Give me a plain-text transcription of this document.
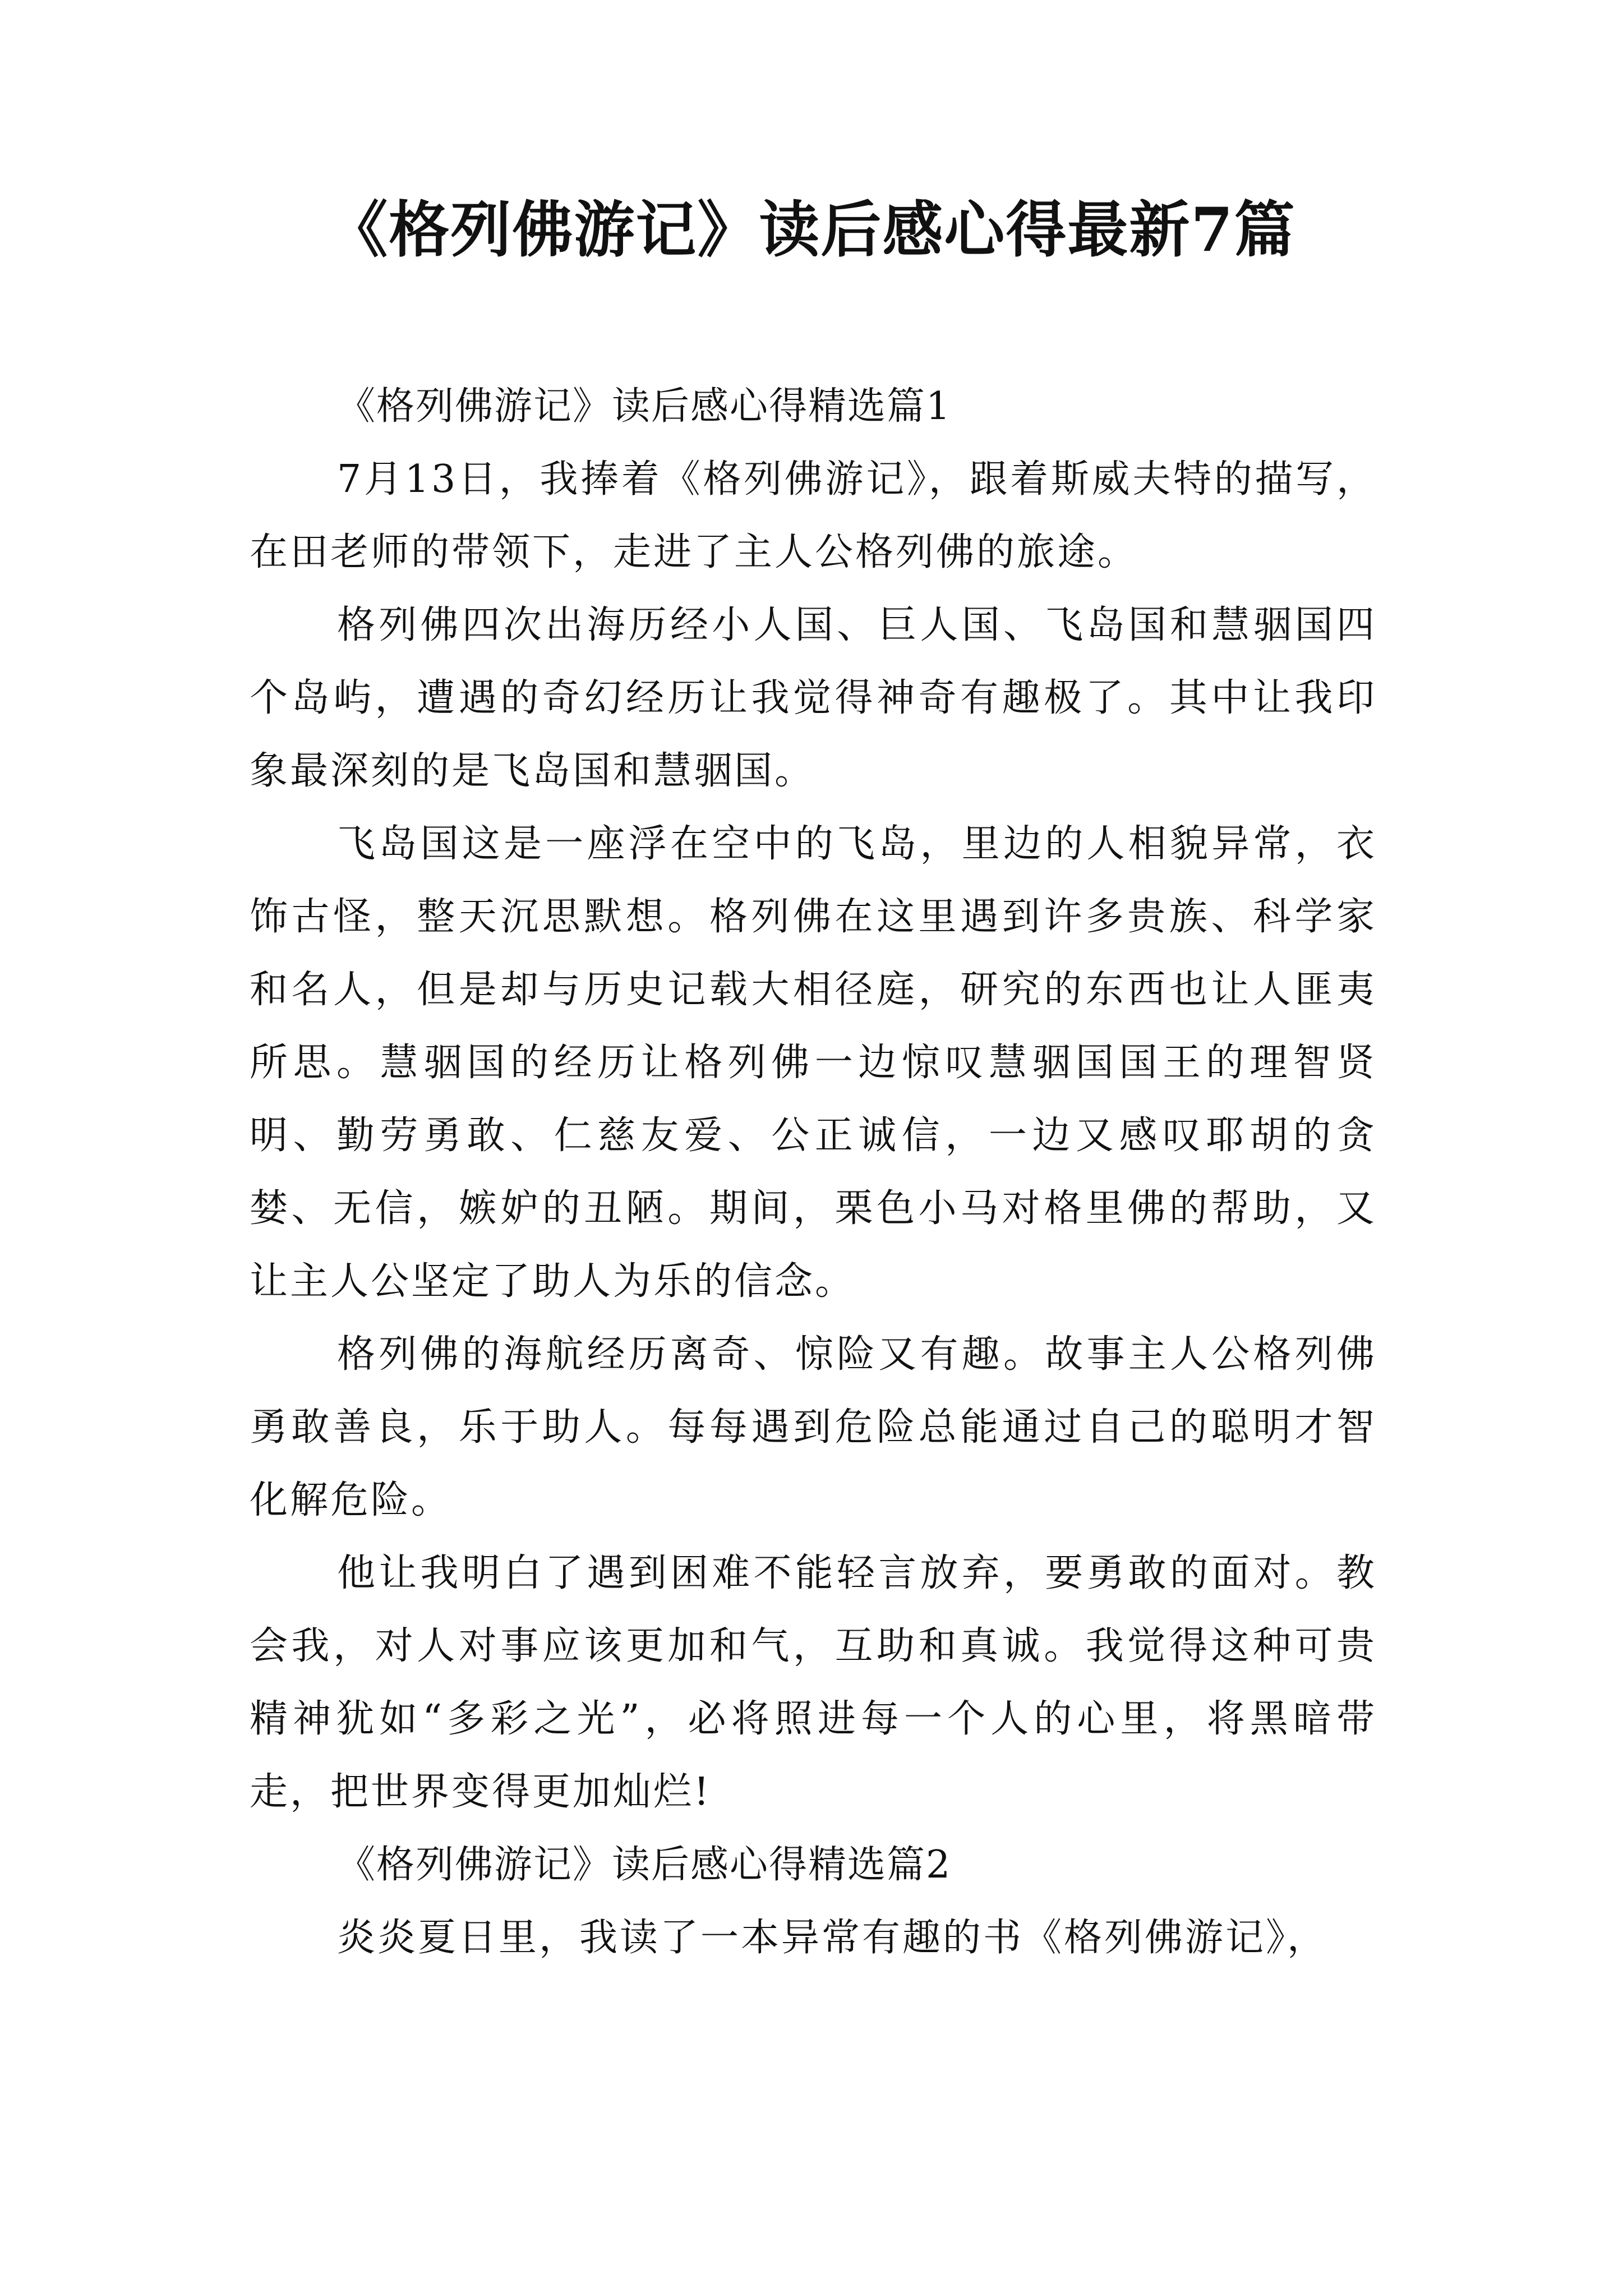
《格列佛游记》读后感心得最新7篇

《格列佛游记》读后感心得精选篇1

7月13日，我捧着《格列佛游记》，跟着斯威夫特的描写，在田老师的带领下，走进了主人公格列佛的旅途。

格列佛四次出海历经小人国、巨人国、飞岛国和慧骃国四个岛屿，遭遇的奇幻经历让我觉得神奇有趣极了。其中让我印象最深刻的是飞岛国和慧骃国。

飞岛国这是一座浮在空中的飞岛，里边的人相貌异常，衣饰古怪，整天沉思默想。格列佛在这里遇到许多贵族、科学家和名人，但是却与历史记载大相径庭，研究的东西也让人匪夷所思。慧骃国的经历让格列佛一边惊叹慧骃国国王的理智贤明、勤劳勇敢、仁慈友爱、公正诚信，一边又感叹耶胡的贪婪、无信，嫉妒的丑陋。期间，栗色小马对格里佛的帮助，又让主人公坚定了助人为乐的信念。

格列佛的海航经历离奇、惊险又有趣。故事主人公格列佛勇敢善良，乐于助人。每每遇到危险总能通过自己的聪明才智化解危险。

他让我明白了遇到困难不能轻言放弃，要勇敢的面对。教会我，对人对事应该更加和气，互助和真诚。我觉得这种可贵精神犹如“多彩之光”，必将照进每一个人的心里，将黑暗带走，把世界变得更加灿烂!

《格列佛游记》读后感心得精选篇2

炎炎夏日里，我读了一本异常有趣的书《格列佛游记》，
